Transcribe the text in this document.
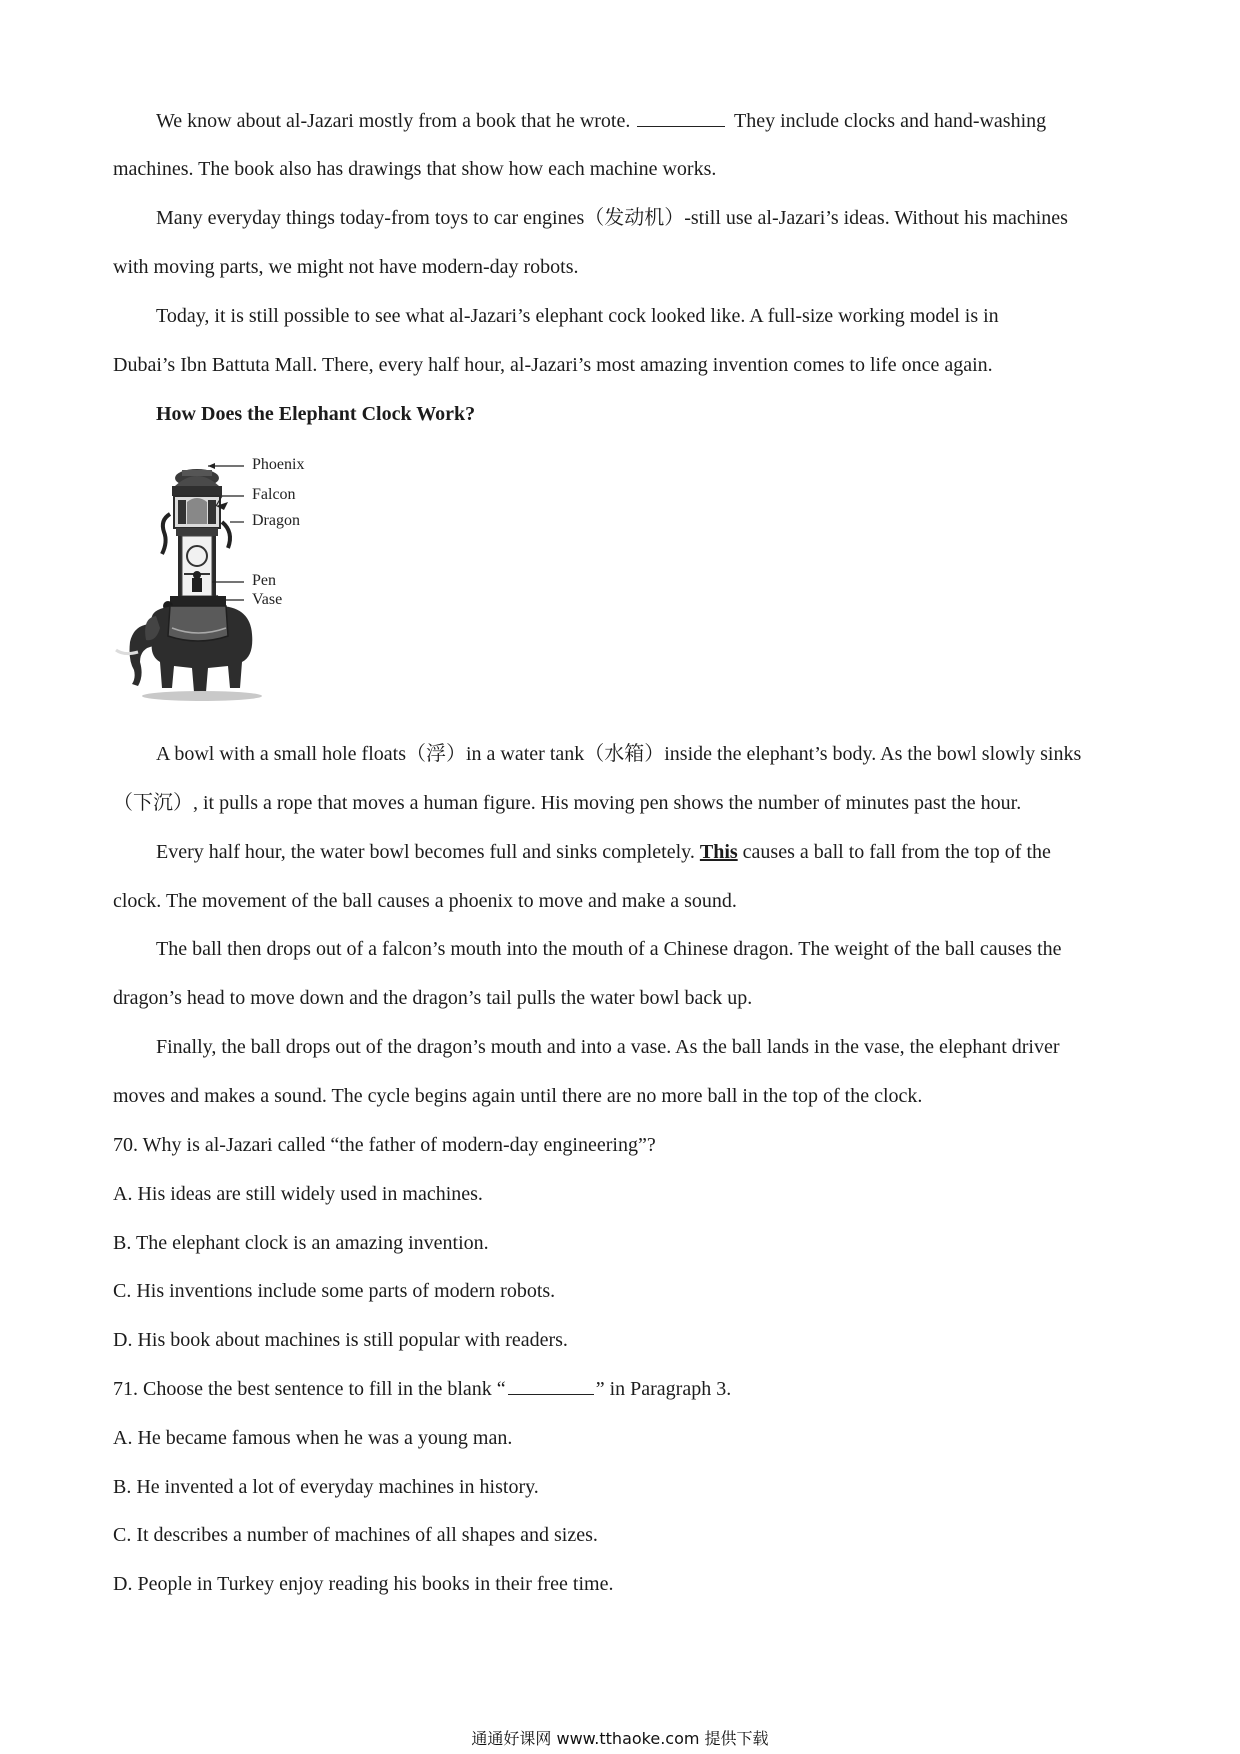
We know about al-Jazari mostly from a book that he wrote.	They include clocks and hand-washing
machines. The book also has drawings that show how each machine works.
Many everyday things today-from toys to car engines（发动机）-still use al-Jazari’s ideas. Without his machines
with moving parts, we might not have modern-day robots.
Today, it is still possible to see what al-Jazari’s elephant cock looked like. A full-size working model is in
Dubai’s Ibn Battuta Mall. There, every half hour, al-Jazari’s most amazing invention comes to life once again.
How Does the Elephant Clock Work?
Phoenix
Falcon
Dragon
Pen
Vase
A bowl with a small hole floats（浮）in a water tank（水箱）inside the elephant’s body. As the bowl slowly sinks
（下沉）, it pulls a rope that moves a human figure. His moving pen shows the number of minutes past the hour.
Every half hour, the water bowl becomes full and sinks completely. This causes a ball to fall from the top of the
clock. The movement of the ball causes a phoenix to move and make a sound.
The ball then drops out of a falcon’s mouth into the mouth of a Chinese dragon. The weight of the ball causes the
dragon’s head to move down and the dragon’s tail pulls the water bowl back up.
Finally, the ball drops out of the dragon’s mouth and into a vase. As the ball lands in the vase, the elephant driver
moves and makes a sound. The cycle begins again until there are no more ball in the top of the clock.
70. Why is al-Jazari called “the father of modern-day engineering”?
A. His ideas are still widely used in machines.
B. The elephant clock is an amazing invention.
C. His inventions include some parts of modern robots.
D. His book about machines is still popular with readers.
71. Choose the best sentence to fill in the blank “	” in Paragraph 3.
A. He became famous when he was a young man.
B. He invented a lot of everyday machines in history.
C. It describes a number of machines of all shapes and sizes.
D. People in Turkey enjoy reading his books in their free time.
通通好课网 www.tthaoke.com 提供下载
